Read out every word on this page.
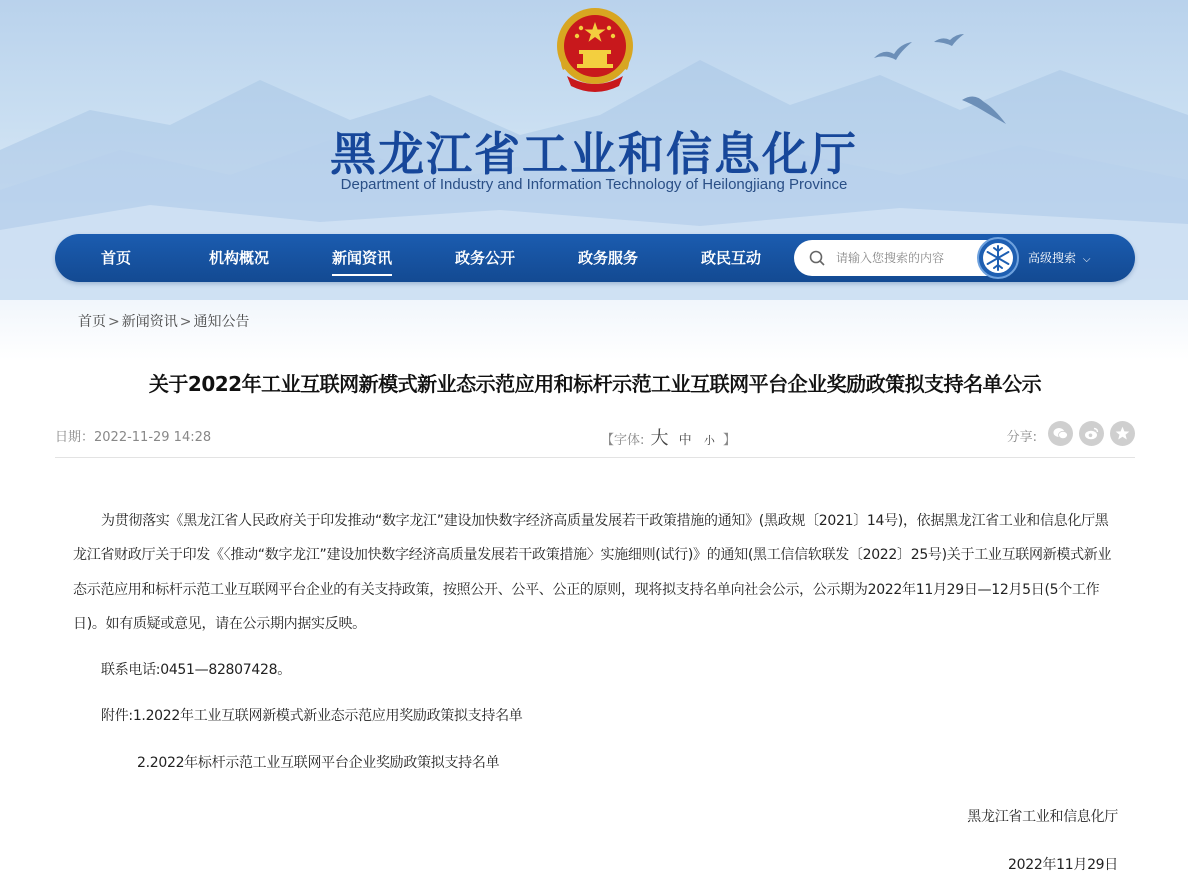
黑龙江省工业和信息化厅
Department of Industry and Information Technology of Heilongjiang Province
首页	机构概况	新闻资讯	政务公开	政务服务	政民互动
请输入您搜索的内容	高级搜索 ⌵
首页 > 新闻资讯 > 通知公告
关于2022年工业互联网新模式新业态示范应用和标杆示范工业互联网平台企业奖励政策拟支持名单公示
日期：2022-11-29 14:28	【字体: 大 中 小 】	分享:

为贯彻落实《黑龙江省人民政府关于印发推动“数字龙江”建设加快数字经济高质量发展若干政策措施的通知》(黑政规〔2021〕14号)，依据黑龙江省工业和信息化厅黑龙江省财政厅关于印发《〈推动“数字龙江”建设加快数字经济高质量发展若干政策措施〉实施细则(试行)》的通知(黑工信信软联发〔2022〕25号)关于工业互联网新模式新业态示范应用和标杆示范工业互联网平台企业的有关支持政策，按照公开、公平、公正的原则，现将拟支持名单向社会公示，公示期为2022年11月29日—12月5日(5个工作日)。如有质疑或意见，请在公示期内据实反映。

联系电话:0451—82807428。

附件:1.2022年工业互联网新模式新业态示范应用奖励政策拟支持名单

2.2022年标杆示范工业互联网平台企业奖励政策拟支持名单

黑龙江省工业和信息化厅

2022年11月29日
